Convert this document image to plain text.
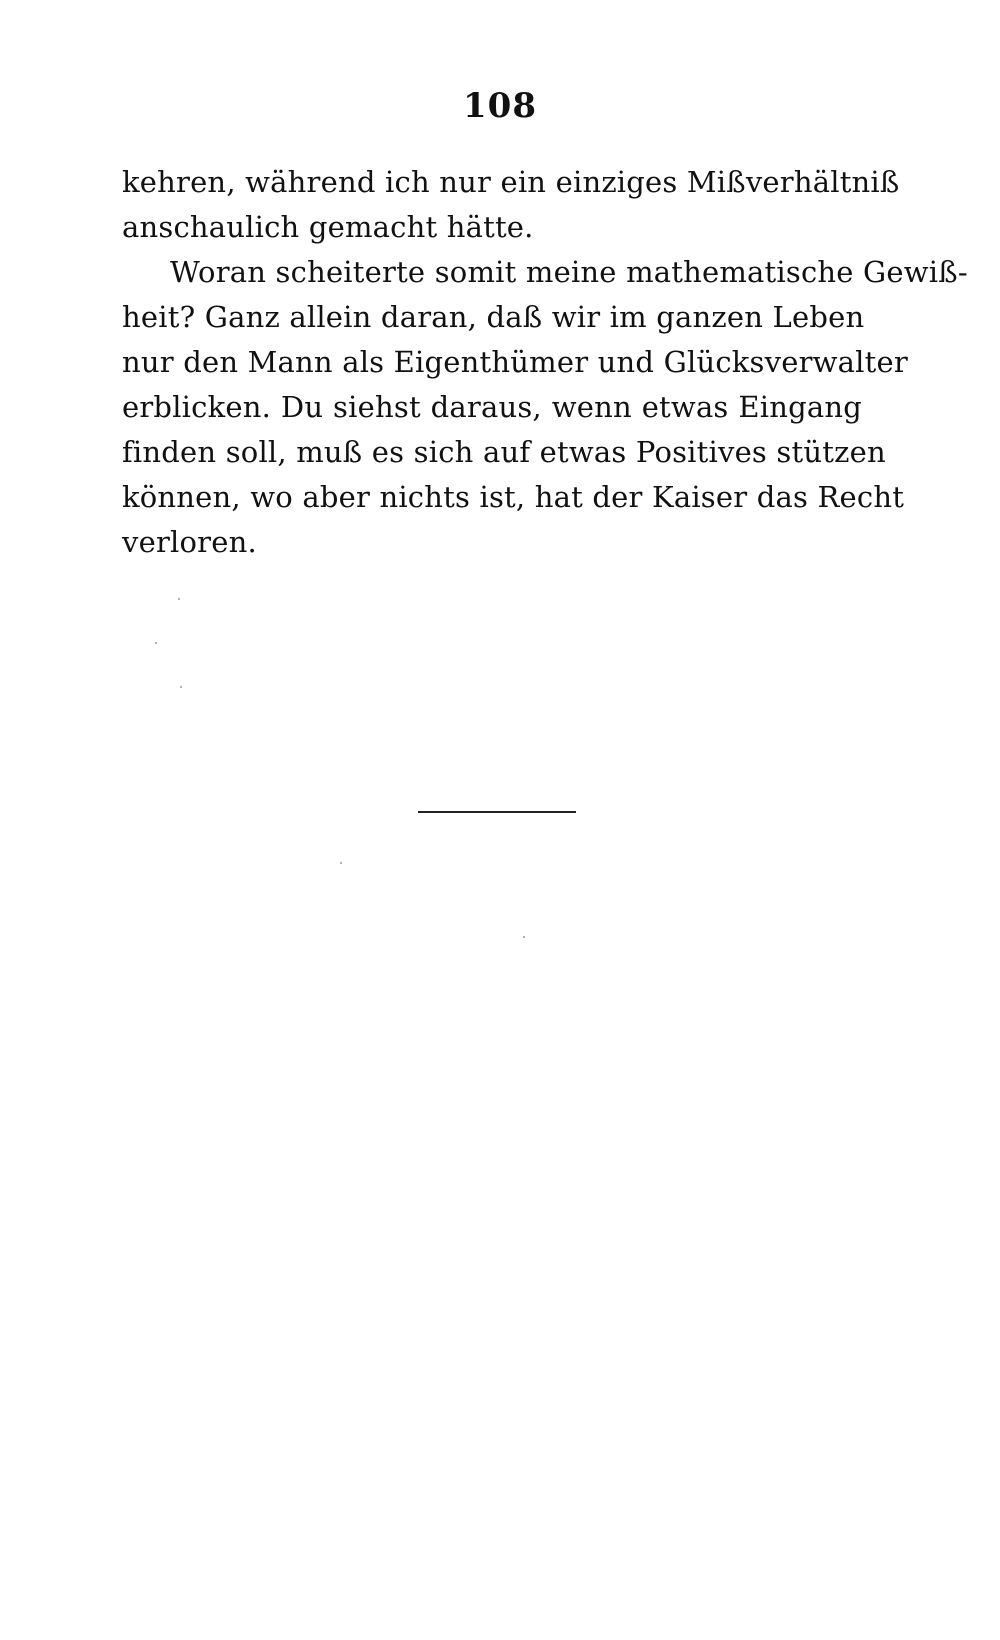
108
kehren, während ich nur ein einziges Mißverhältniß
anschaulich gemacht hätte.
Woran scheiterte somit meine mathematische Gewiß-
heit? Ganz allein daran, daß wir im ganzen Leben
nur den Mann als Eigenthümer und Glücksverwalter
erblicken. Du siehst daraus, wenn etwas Eingang
finden soll, muß es sich auf etwas Positives stützen
können, wo aber nichts ist, hat der Kaiser das Recht
verloren.
